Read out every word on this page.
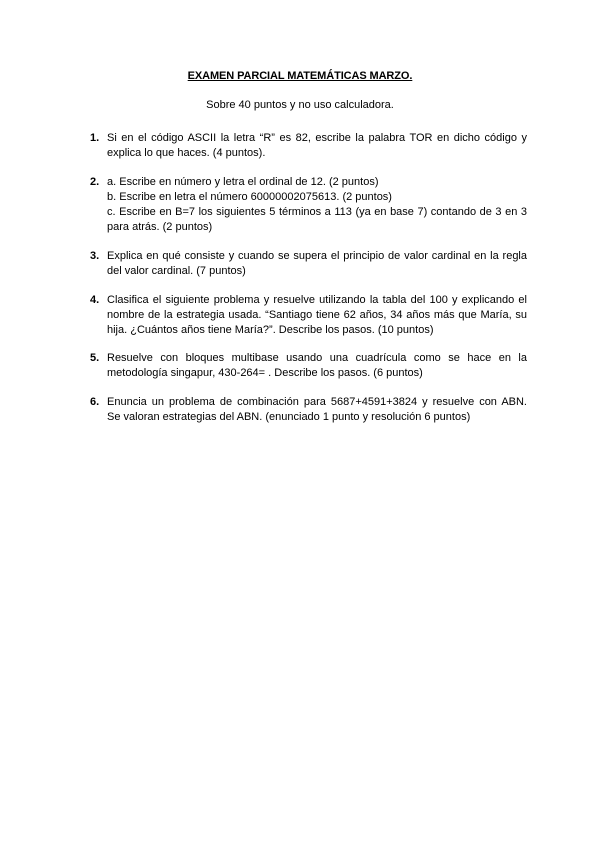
EXAMEN PARCIAL MATEMÁTICAS MARZO.
Sobre 40 puntos y no uso calculadora.
1. Si en el código ASCII la letra “R” es 82, escribe la palabra TOR en dicho código y
explica lo que haces. (4 puntos).
2. a. Escribe en número y letra el ordinal de 12. (2 puntos)
b. Escribe en letra el número 60000002075613. (2 puntos)
c. Escribe en B=7 los siguientes 5 términos a 113 (ya en base 7) contando de 3 en 3
para atrás. (2 puntos)
3. Explica en qué consiste y cuando se supera el principio de valor cardinal en la regla
del valor cardinal. (7 puntos)
4. Clasifica el siguiente problema y resuelve utilizando la tabla del 100 y explicando el
nombre de la estrategia usada. “Santiago tiene 62 años, 34 años más que María, su
hija. ¿Cuántos años tiene María?”. Describe los pasos. (10 puntos)
5. Resuelve con bloques multibase usando una cuadrícula como se hace en la
metodología singapur, 430-264= . Describe los pasos. (6 puntos)
6. Enuncia un problema de combinación para 5687+4591+3824 y resuelve con ABN.
Se valoran estrategias del ABN. (enunciado 1 punto y resolución 6 puntos)
